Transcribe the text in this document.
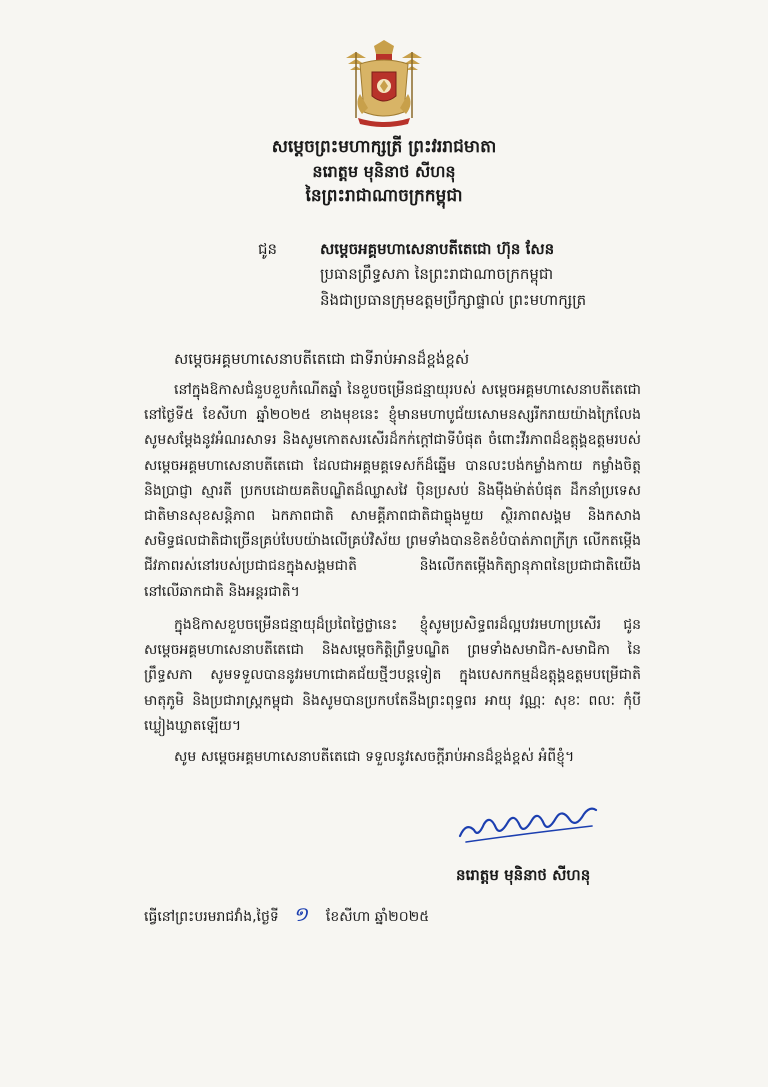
សម្ដេចព្រះមហាក្សត្រី ព្រះវររាជមាតា
នរោត្តម មុនិនាថ សីហនុ
នៃព្រះរាជាណាចក្រកម្ពុជា
ជូន	សម្ដេចអគ្គមហាសេនាបតីតេជោ ហ៊ុន សែន
ប្រធានព្រឹទ្ធសភា នៃព្រះរាជាណាចក្រកម្ពុជា
និងជាប្រធានក្រុមឧត្តមប្រឹក្សាផ្ទាល់ ព្រះមហាក្សត្រ
សម្ដេចអគ្គមហាសេនាបតីតេជោ ជាទីរាប់អានដ៏ខ្ពង់ខ្ពស់
នៅក្នុងឱកាសជំនួបខួបកំណើតឆ្នាំ នៃខួបចម្រើនជន្មាយុរបស់ សម្ដេចអគ្គមហាសេនាបតីតេជោ នៅថ្ងៃទី៥ ខែសីហា ឆ្នាំ២០២៥ ខាងមុខនេះ ខ្ញុំមានមហាបូជ័យសោមនស្សរីករាយយ៉ាងក្រៃលែង សូមសម្ដែងនូវអំណរសាទរ និងសូមកោតសរសើរដ៏កក់ក្ដៅជាទីបំផុត ចំពោះវីរភាពដ៏ឧត្តុង្គឧត្តមរបស់ សម្ដេចអគ្គមហាសេនាបតីតេជោ ដែលជាអគ្គមគ្គទេសក៍ដ៏ឆ្នើម បានលះបង់កម្លាំងកាយ កម្លាំងចិត្ត និងប្រាជ្ញា ស្មារតី ប្រកបដោយគតិបណ្ឌិតដ៏ឈ្លាសវៃ ប៉ិនប្រសប់ និងម៉ឺងម៉ាត់បំផុត ដឹកនាំប្រទេសជាតិមានសុខសន្តិភាព ឯកភាពជាតិ សាមគ្គីភាពជាតិជាធ្លុងមួយ ស្ថិរភាពសង្គម និងកសាងសមិទ្ធផលជាតិជាច្រើនគ្រប់បែបយ៉ាងលើគ្រប់វិស័យ ព្រមទាំងបានខិតខំបំបាត់ភាពក្រីក្រ លើកតម្កើងជីវភាពរស់នៅរបស់ប្រជាជនក្នុងសង្គមជាតិ និងលើកតម្កើងកិត្យានុភាពនៃប្រជាជាតិយើង នៅលើឆាកជាតិ និងអន្តរជាតិ។
ក្នុងឱកាសខួបចម្រើនជន្មាយុដ៏ប្រពៃថ្លៃថ្លានេះ ខ្ញុំសូមប្រសិទ្ធពរដ៏ល្អបវរមហាប្រសើរ ជូន សម្ដេចអគ្គមហាសេនាបតីតេជោ និងសម្ដេចកិត្តិព្រឹទ្ធបណ្ឌិត ព្រមទាំងសមាជិក-សមាជិកា នៃព្រឹទ្ធសភា សូមទទួលបាននូវរមហាជោគជ័យថ្មីៗបន្តទៀត ក្នុងបេសកកម្មដ៏ឧត្តុង្គឧត្តមបម្រើជាតិ មាតុភូមិ និងប្រជារាស្ត្រកម្ពុជា និងសូមបានប្រកបតែនឹងព្រះពុទ្ធពរ អាយុ វណ្ណៈ សុខៈ ពលៈ កុំបីឃ្លៀងឃ្លាតឡើយ។
សូម សម្ដេចអគ្គមហាសេនាបតីតេជោ ទទួលនូវសេចក្ដីរាប់អានដ៏ខ្ពង់ខ្ពស់ អំពីខ្ញុំ។
នរោត្តម មុនិនាថ សីហនុ
ធ្វើនៅព្រះបរមរាជវាំង,ថ្ងៃទី ១ ខែសីហា ឆ្នាំ២០២៥
